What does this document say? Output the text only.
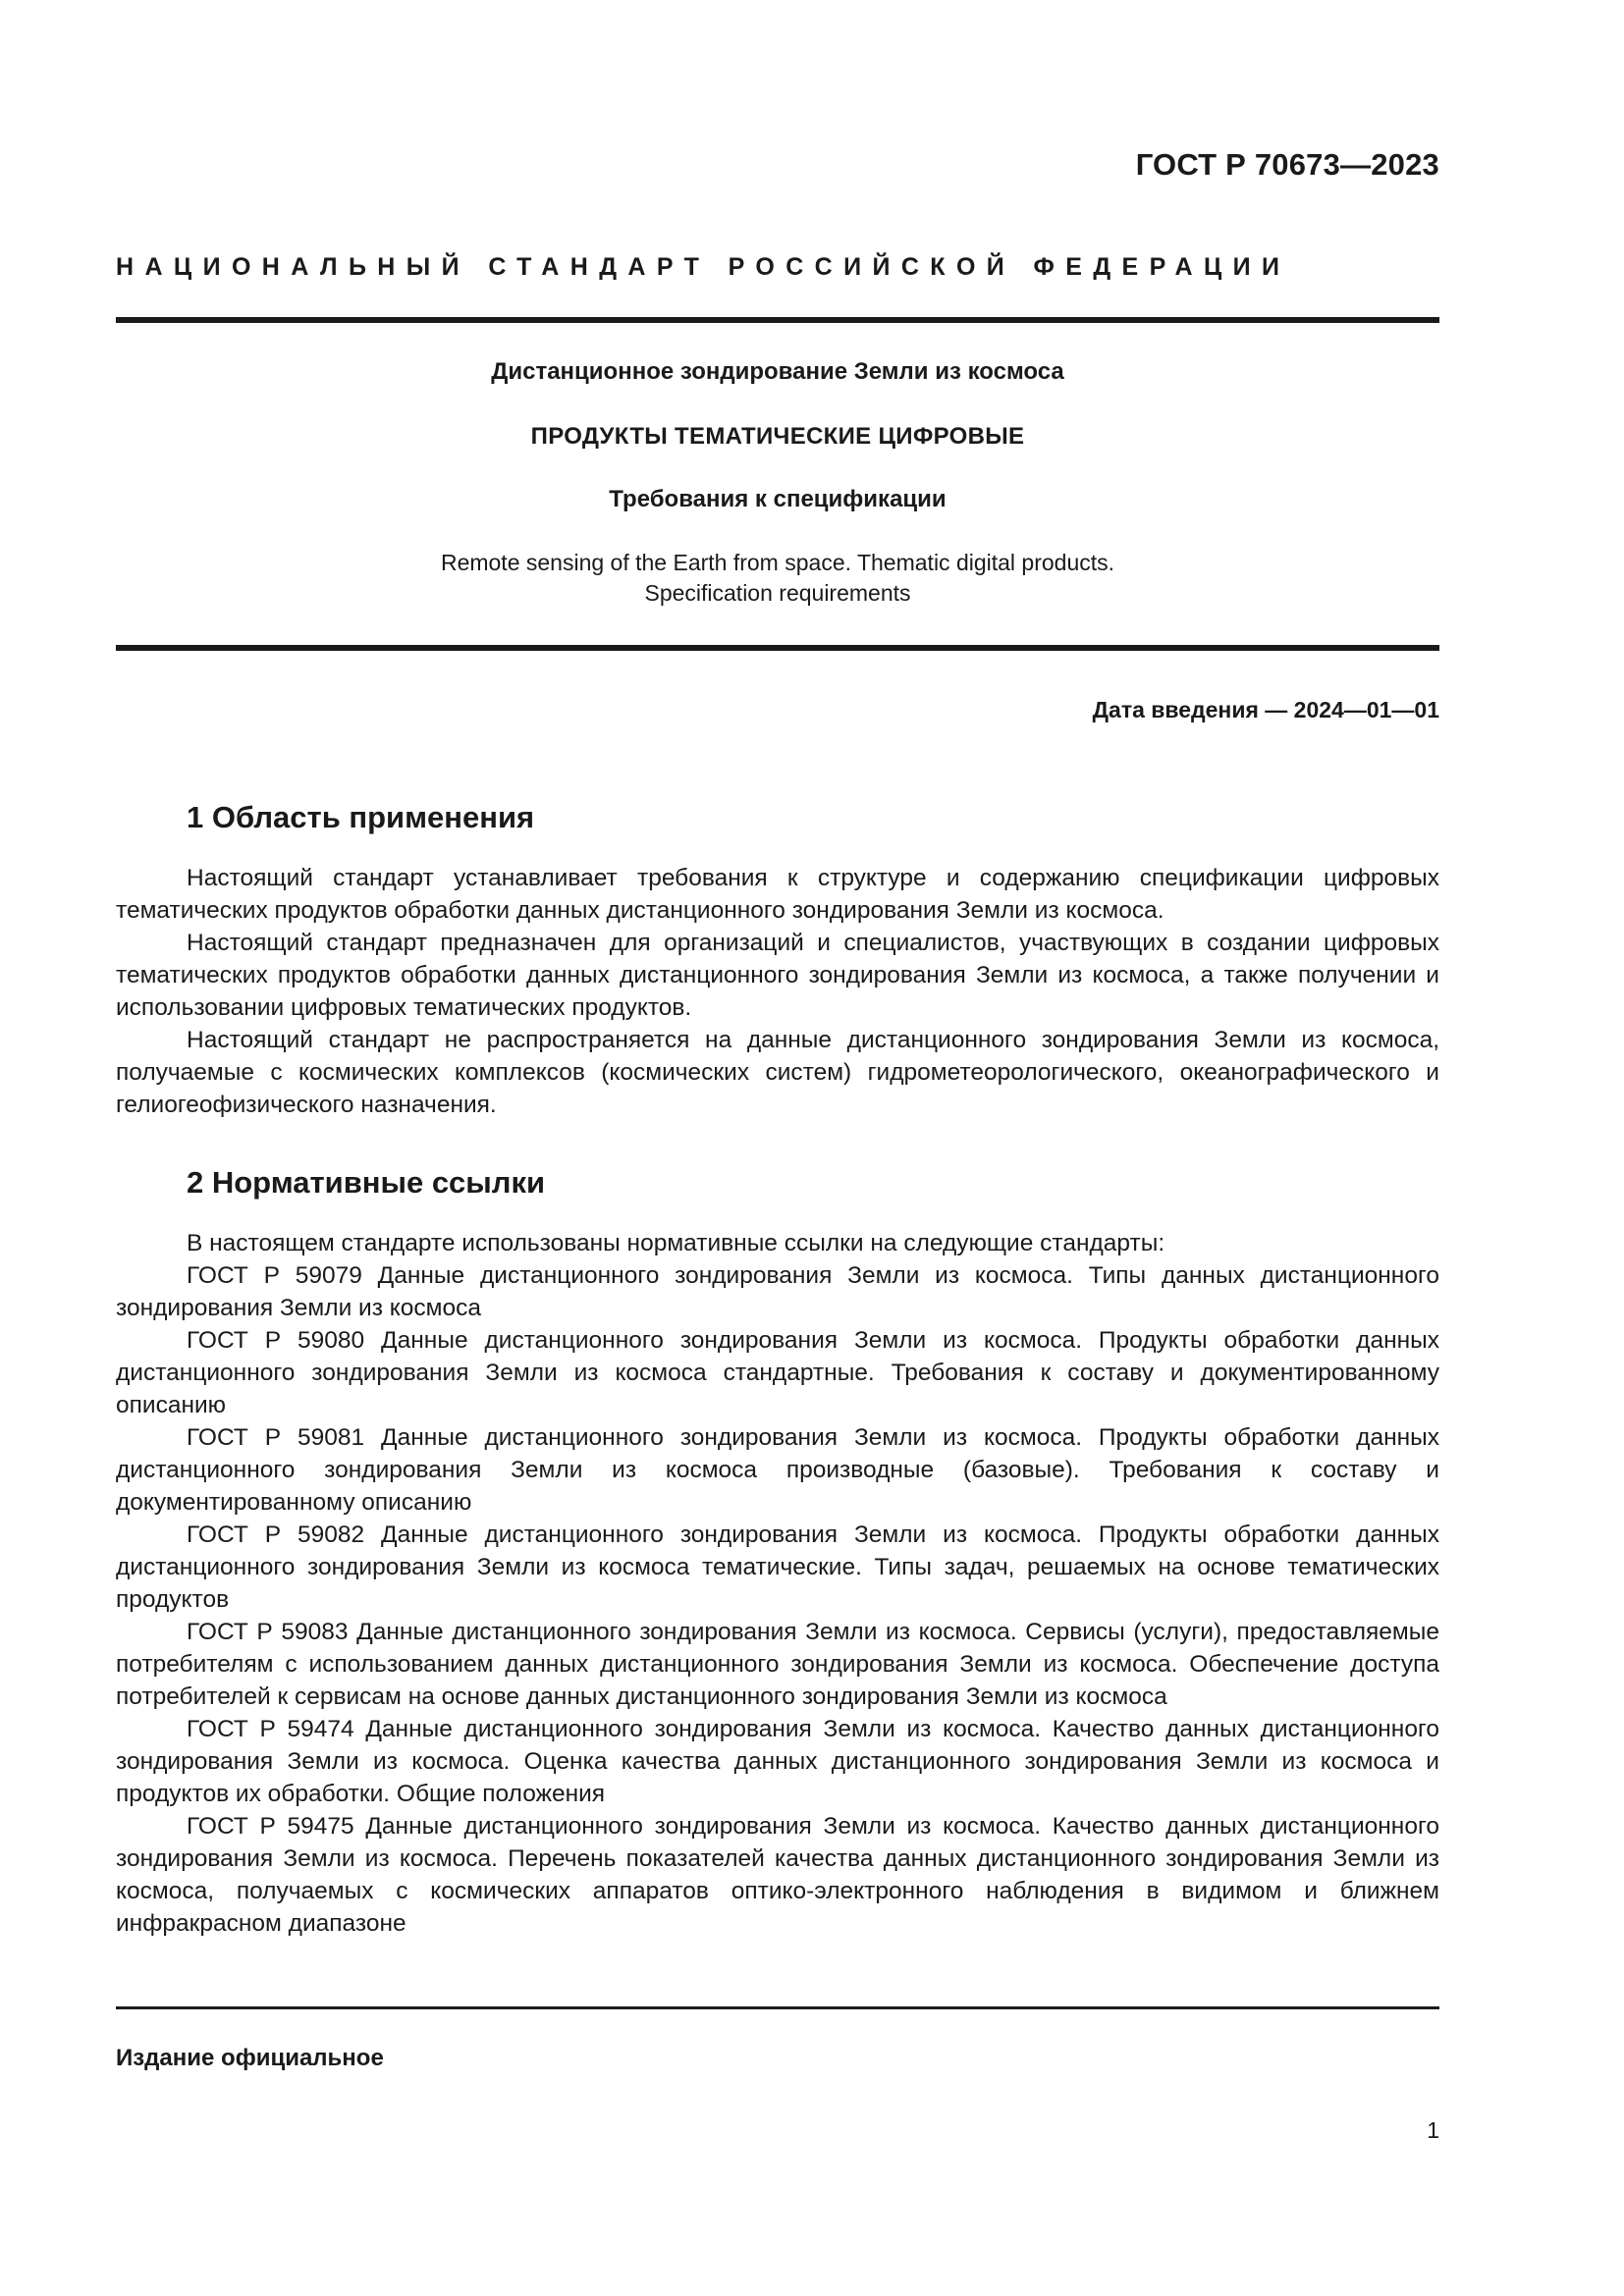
ГОСТ Р 70673—2023
НАЦИОНАЛЬНЫЙ СТАНДАРТ РОССИЙСКОЙ ФЕДЕРАЦИИ
Дистанционное зондирование Земли из космоса
ПРОДУКТЫ ТЕМАТИЧЕСКИЕ ЦИФРОВЫЕ
Требования к спецификации
Remote sensing of the Earth from space. Thematic digital products.
Specification requirements
Дата введения — 2024—01—01
1 Область применения

Настоящий стандарт устанавливает требования к структуре и содержанию спецификации цифровых тематических продуктов обработки данных дистанционного зондирования Земли из космоса.

Настоящий стандарт предназначен для организаций и специалистов, участвующих в создании цифровых тематических продуктов обработки данных дистанционного зондирования Земли из космоса, а также получении и использовании цифровых тематических продуктов.

Настоящий стандарт не распространяется на данные дистанционного зондирования Земли из космоса, получаемые с космических комплексов (космических систем) гидрометеорологического, океанографического и гелиогеофизического назначения.

2 Нормативные ссылки

В настоящем стандарте использованы нормативные ссылки на следующие стандарты:

ГОСТ Р 59079 Данные дистанционного зондирования Земли из космоса. Типы данных дистанционного зондирования Земли из космоса

ГОСТ Р 59080 Данные дистанционного зондирования Земли из космоса. Продукты обработки данных дистанционного зондирования Земли из космоса стандартные. Требования к составу и документированному описанию

ГОСТ Р 59081 Данные дистанционного зондирования Земли из космоса. Продукты обработки данных дистанционного зондирования Земли из космоса производные (базовые). Требования к составу и документированному описанию

ГОСТ Р 59082 Данные дистанционного зондирования Земли из космоса. Продукты обработки данных дистанционного зондирования Земли из космоса тематические. Типы задач, решаемых на основе тематических продуктов

ГОСТ Р 59083 Данные дистанционного зондирования Земли из космоса. Сервисы (услуги), предоставляемые потребителям с использованием данных дистанционного зондирования Земли из космоса. Обеспечение доступа потребителей к сервисам на основе данных дистанционного зондирования Земли из космоса

ГОСТ Р 59474 Данные дистанционного зондирования Земли из космоса. Качество данных дистанционного зондирования Земли из космоса. Оценка качества данных дистанционного зондирования Земли из космоса и продуктов их обработки. Общие положения

ГОСТ Р 59475 Данные дистанционного зондирования Земли из космоса. Качество данных дистанционного зондирования Земли из космоса. Перечень показателей качества данных дистанционного зондирования Земли из космоса, получаемых с космических аппаратов оптико-электронного наблюдения в видимом и ближнем инфракрасном диапазоне

Издание официальное
1
